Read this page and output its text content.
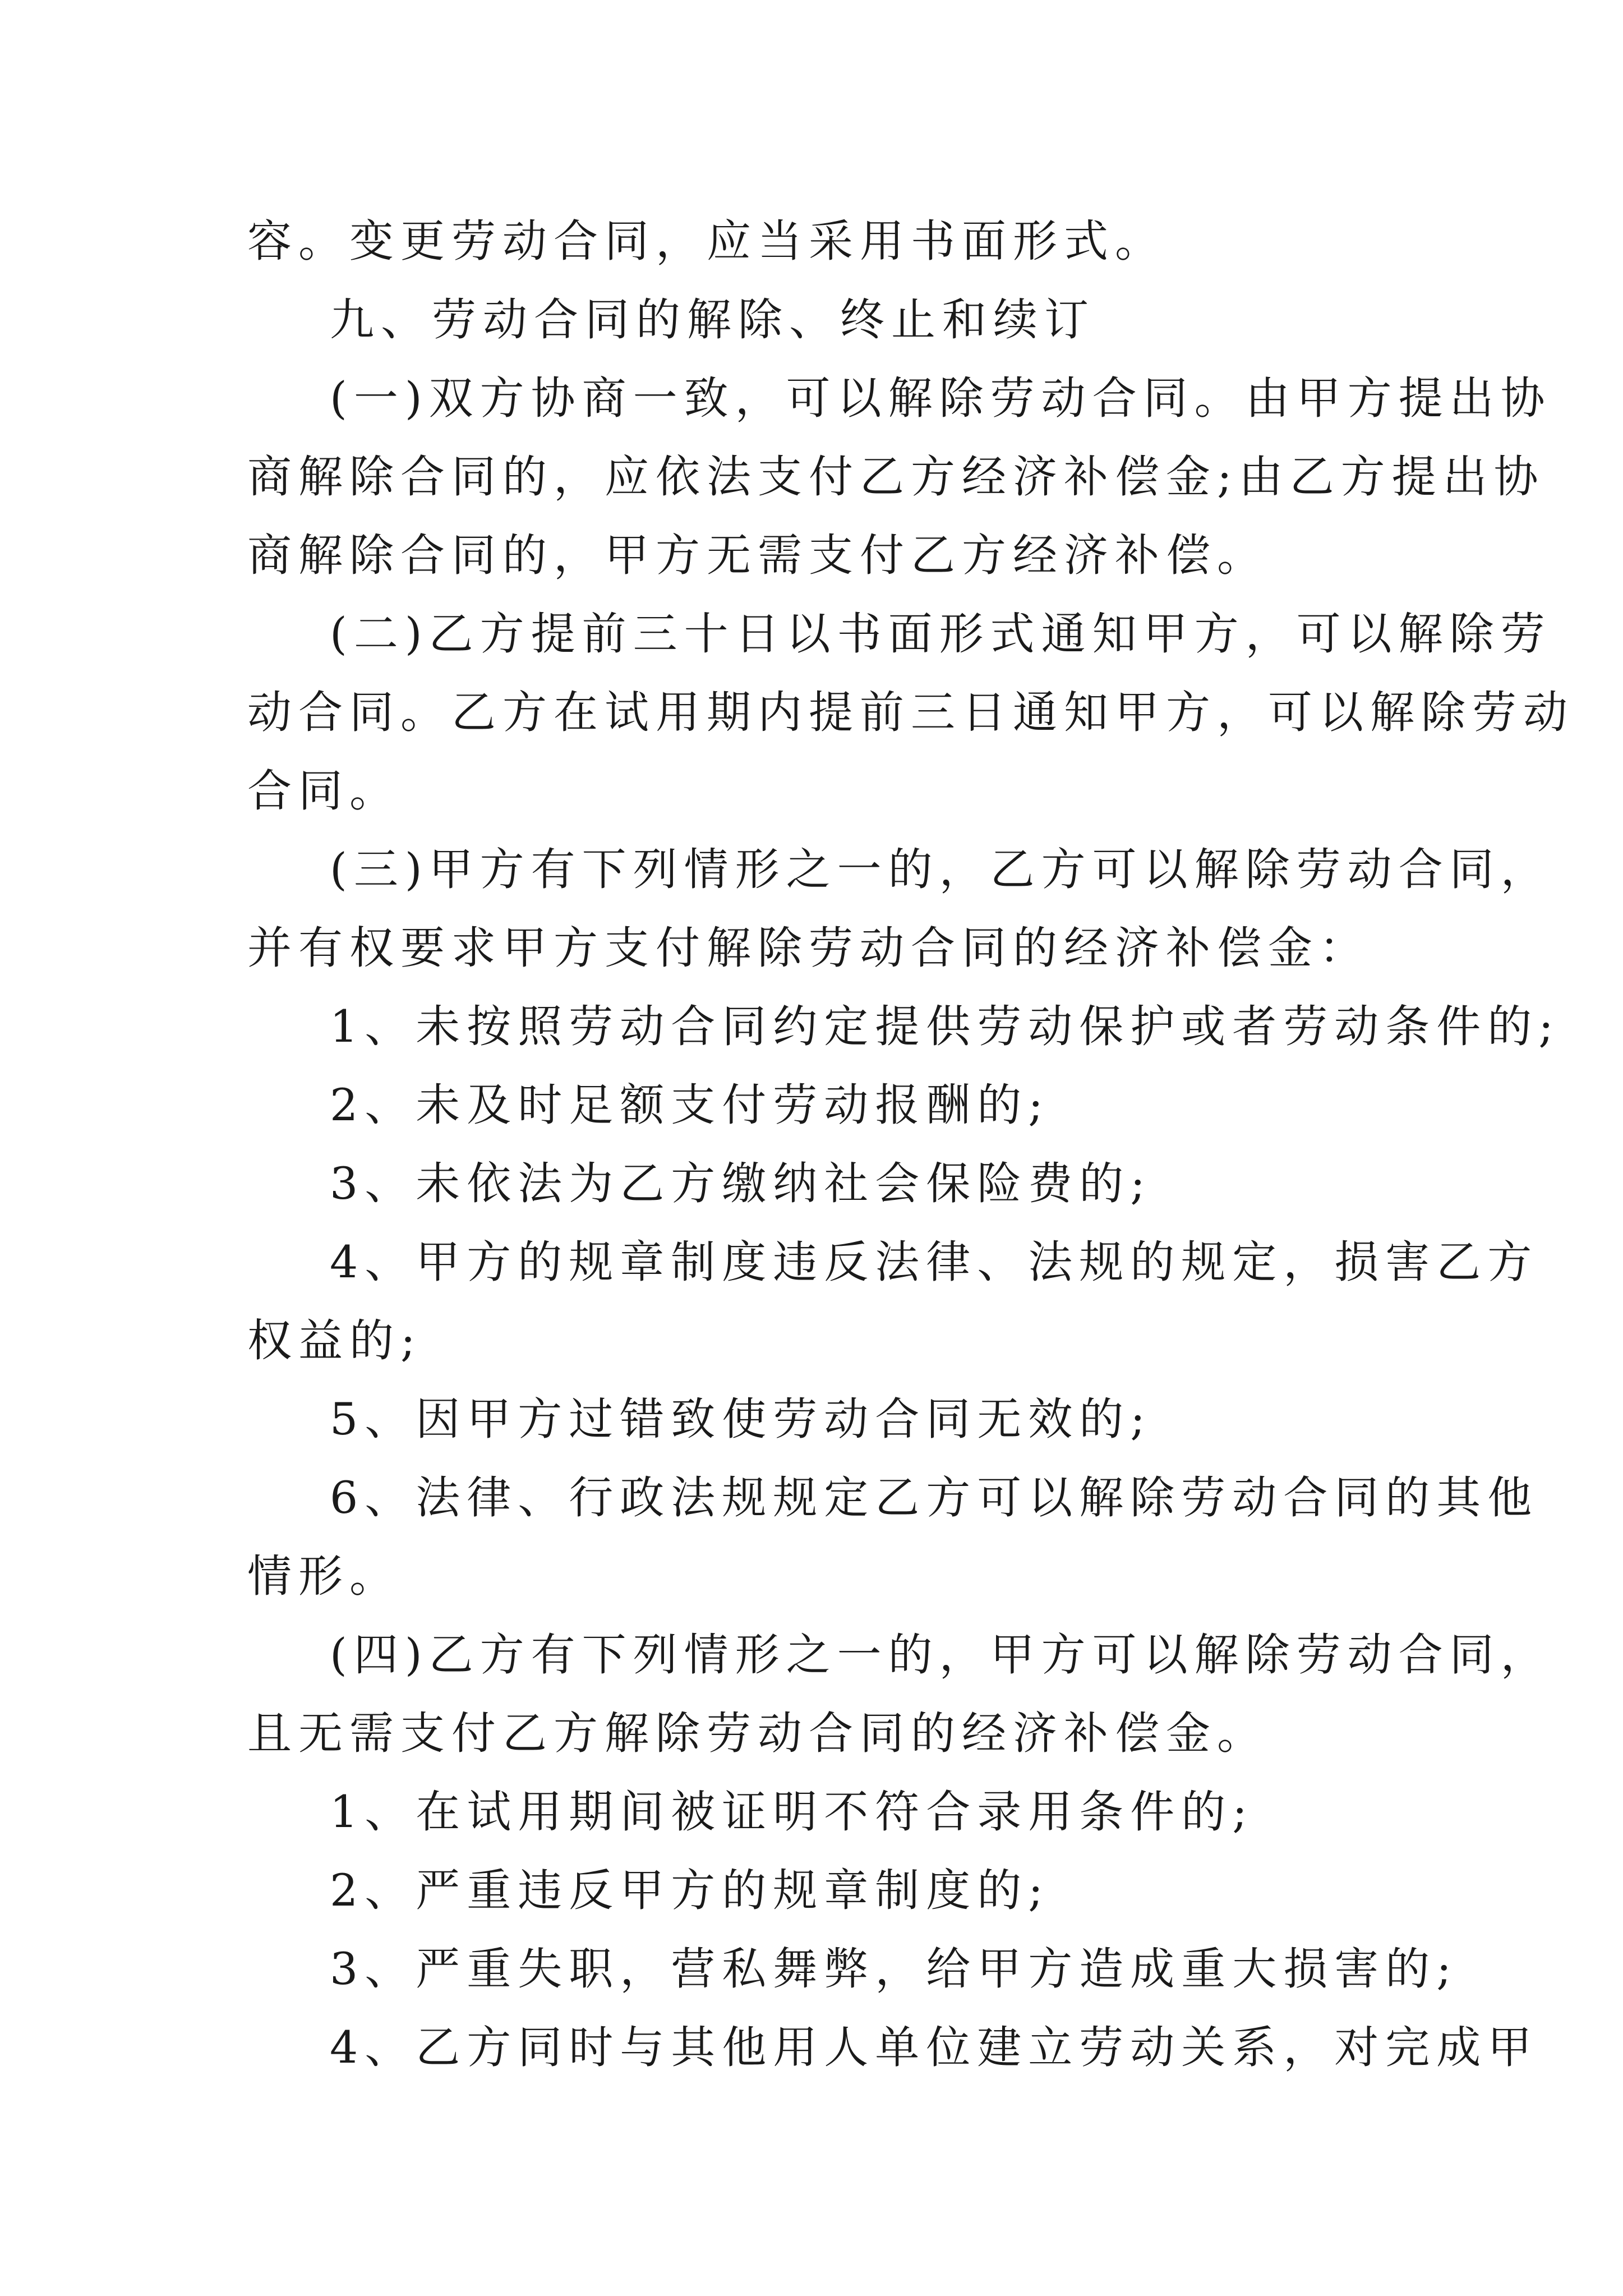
容。变更劳动合同，应当采用书面形式。
九、劳动合同的解除、终止和续订
(一)双方协商一致，可以解除劳动合同。由甲方提出协
商解除合同的，应依法支付乙方经济补偿金;由乙方提出协
商解除合同的，甲方无需支付乙方经济补偿。
(二)乙方提前三十日以书面形式通知甲方，可以解除劳
动合同。乙方在试用期内提前三日通知甲方，可以解除劳动
合同。
(三)甲方有下列情形之一的，乙方可以解除劳动合同，
并有权要求甲方支付解除劳动合同的经济补偿金：
1、未按照劳动合同约定提供劳动保护或者劳动条件的;
2、未及时足额支付劳动报酬的;
3、未依法为乙方缴纳社会保险费的;
4、甲方的规章制度违反法律、法规的规定，损害乙方
权益的;
5、因甲方过错致使劳动合同无效的;
6、法律、行政法规规定乙方可以解除劳动合同的其他
情形。
(四)乙方有下列情形之一的，甲方可以解除劳动合同，
且无需支付乙方解除劳动合同的经济补偿金。
1、在试用期间被证明不符合录用条件的;
2、严重违反甲方的规章制度的;
3、严重失职，营私舞弊，给甲方造成重大损害的;
4、乙方同时与其他用人单位建立劳动关系，对完成甲
